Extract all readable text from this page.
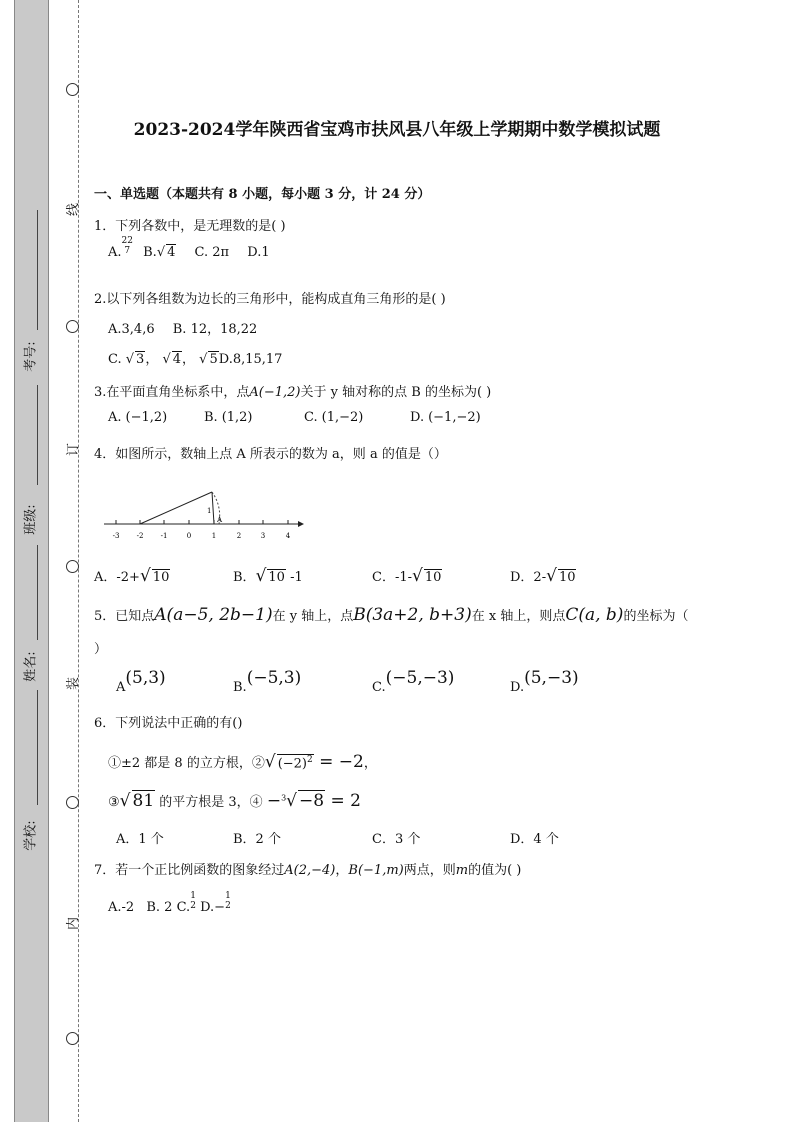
线
订
装
内
考号:
班级:
姓名:
学校:
2023-2024学年陕西省宝鸡市扶风县八年级上学期期中数学模拟试题
一、单选题（本题共有 8 小题，每小题 3 分，计 24 分）
1．下列各数中，是无理数的是( )
A.
22
7 B.√ 4 C. 2π D.1
2.以下列各组数为边长的三角形中，能构成直角三角形的是( )
A.3,4,6 B. 12，18,22
C. √ 3， √ 4， √ 5D.8,15,17
3.在平面直角坐标系中，点A(−1,2)关于 y 轴对称的点 B 的坐标为( )
A. (−1,2)	B. (1,2)	C. (1,−2)	D. (−1,−2)
4．如图所示，数轴上点 A 所表示的数为 a，则 a 的值是（）
1
A
-3 -2 -1	0	1	2	3	4
A．-2+√ 10	B．√ 10 -1	C．-1-√ 10	D．2-√ 10
5．已知点A(a−5, 2b−1)在 y 轴上，点B(3a+2, b+3)在 x 轴上，则点C(a, b)的坐标为（
）
A(5,3)	B.(−5,3)	C.(−5,−3)	D.(5,−3)
6．下列说法中正确的有()
①±2 都是 8 的立方根，②√ $(-2)^2 = -2$，
③√ 81 的平方根是 3，④ −$^3$√ −8 = 2
A．1 个	B．2 个	C．3 个	D．4 个
7．若一个正比例函数的图象经过A(2,−4)，B(−1,m)两点，则m的值为( )
A.-2 B. 2 C.
1
2 D.−
1
2
